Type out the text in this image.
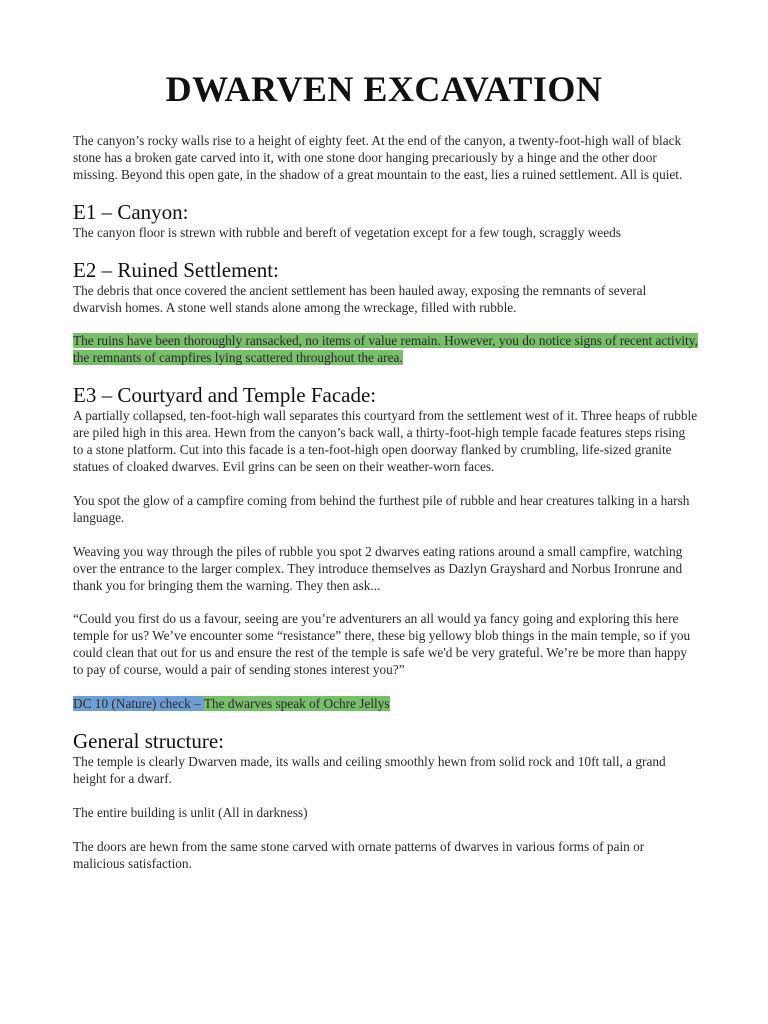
DWARVEN EXCAVATION

The canyon’s rocky walls rise to a height of eighty feet. At the end of the canyon, a twenty-foot-high wall of black stone has a broken gate carved into it, with one stone door hanging precariously by a hinge and the other door missing. Beyond this open gate, in the shadow of a great mountain to the east, lies a ruined settlement. All is quiet.

E1 – Canyon:

The canyon floor is strewn with rubble and bereft of vegetation except for a few tough, scraggly weeds

E2 – Ruined Settlement:

The debris that once covered the ancient settlement has been hauled away, exposing the remnants of several dwarvish homes. A stone well stands alone among the wreckage, filled with rubble.

The ruins have been thoroughly ransacked, no items of value remain. However, you do notice signs of recent activity, the remnants of campfires lying scattered throughout the area.

E3 – Courtyard and Temple Facade:

A partially collapsed, ten-foot-high wall separates this courtyard from the settlement west of it. Three heaps of rubble are piled high in this area. Hewn from the canyon’s back wall, a thirty-foot-high temple facade features steps rising to a stone platform. Cut into this facade is a ten-foot-high open doorway flanked by crumbling, life-sized granite statues of cloaked dwarves. Evil grins can be seen on their weather-worn faces.

You spot the glow of a campfire coming from behind the furthest pile of rubble and hear creatures talking in a harsh language.

Weaving you way through the piles of rubble you spot 2 dwarves eating rations around a small campfire, watching over the entrance to the larger complex. They introduce themselves as Dazlyn Grayshard and Norbus Ironrune and thank you for bringing them the warning. They then ask...

“Could you first do us a favour, seeing are you’re adventurers an all would ya fancy going and exploring this here temple for us? We’ve encounter some “resistance” there, these big yellowy blob things in the main temple, so if you could clean that out for us and ensure the rest of the temple is safe we'd be very grateful. We’re be more than happy to pay of course, would a pair of sending stones interest you?”

DC 10 (Nature) check – The dwarves speak of Ochre Jellys

General structure:

The temple is clearly Dwarven made, its walls and ceiling smoothly hewn from solid rock and 10ft tall, a grand height for a dwarf.

The entire building is unlit (All in darkness)

The doors are hewn from the same stone carved with ornate patterns of dwarves in various forms of pain or malicious satisfaction.
